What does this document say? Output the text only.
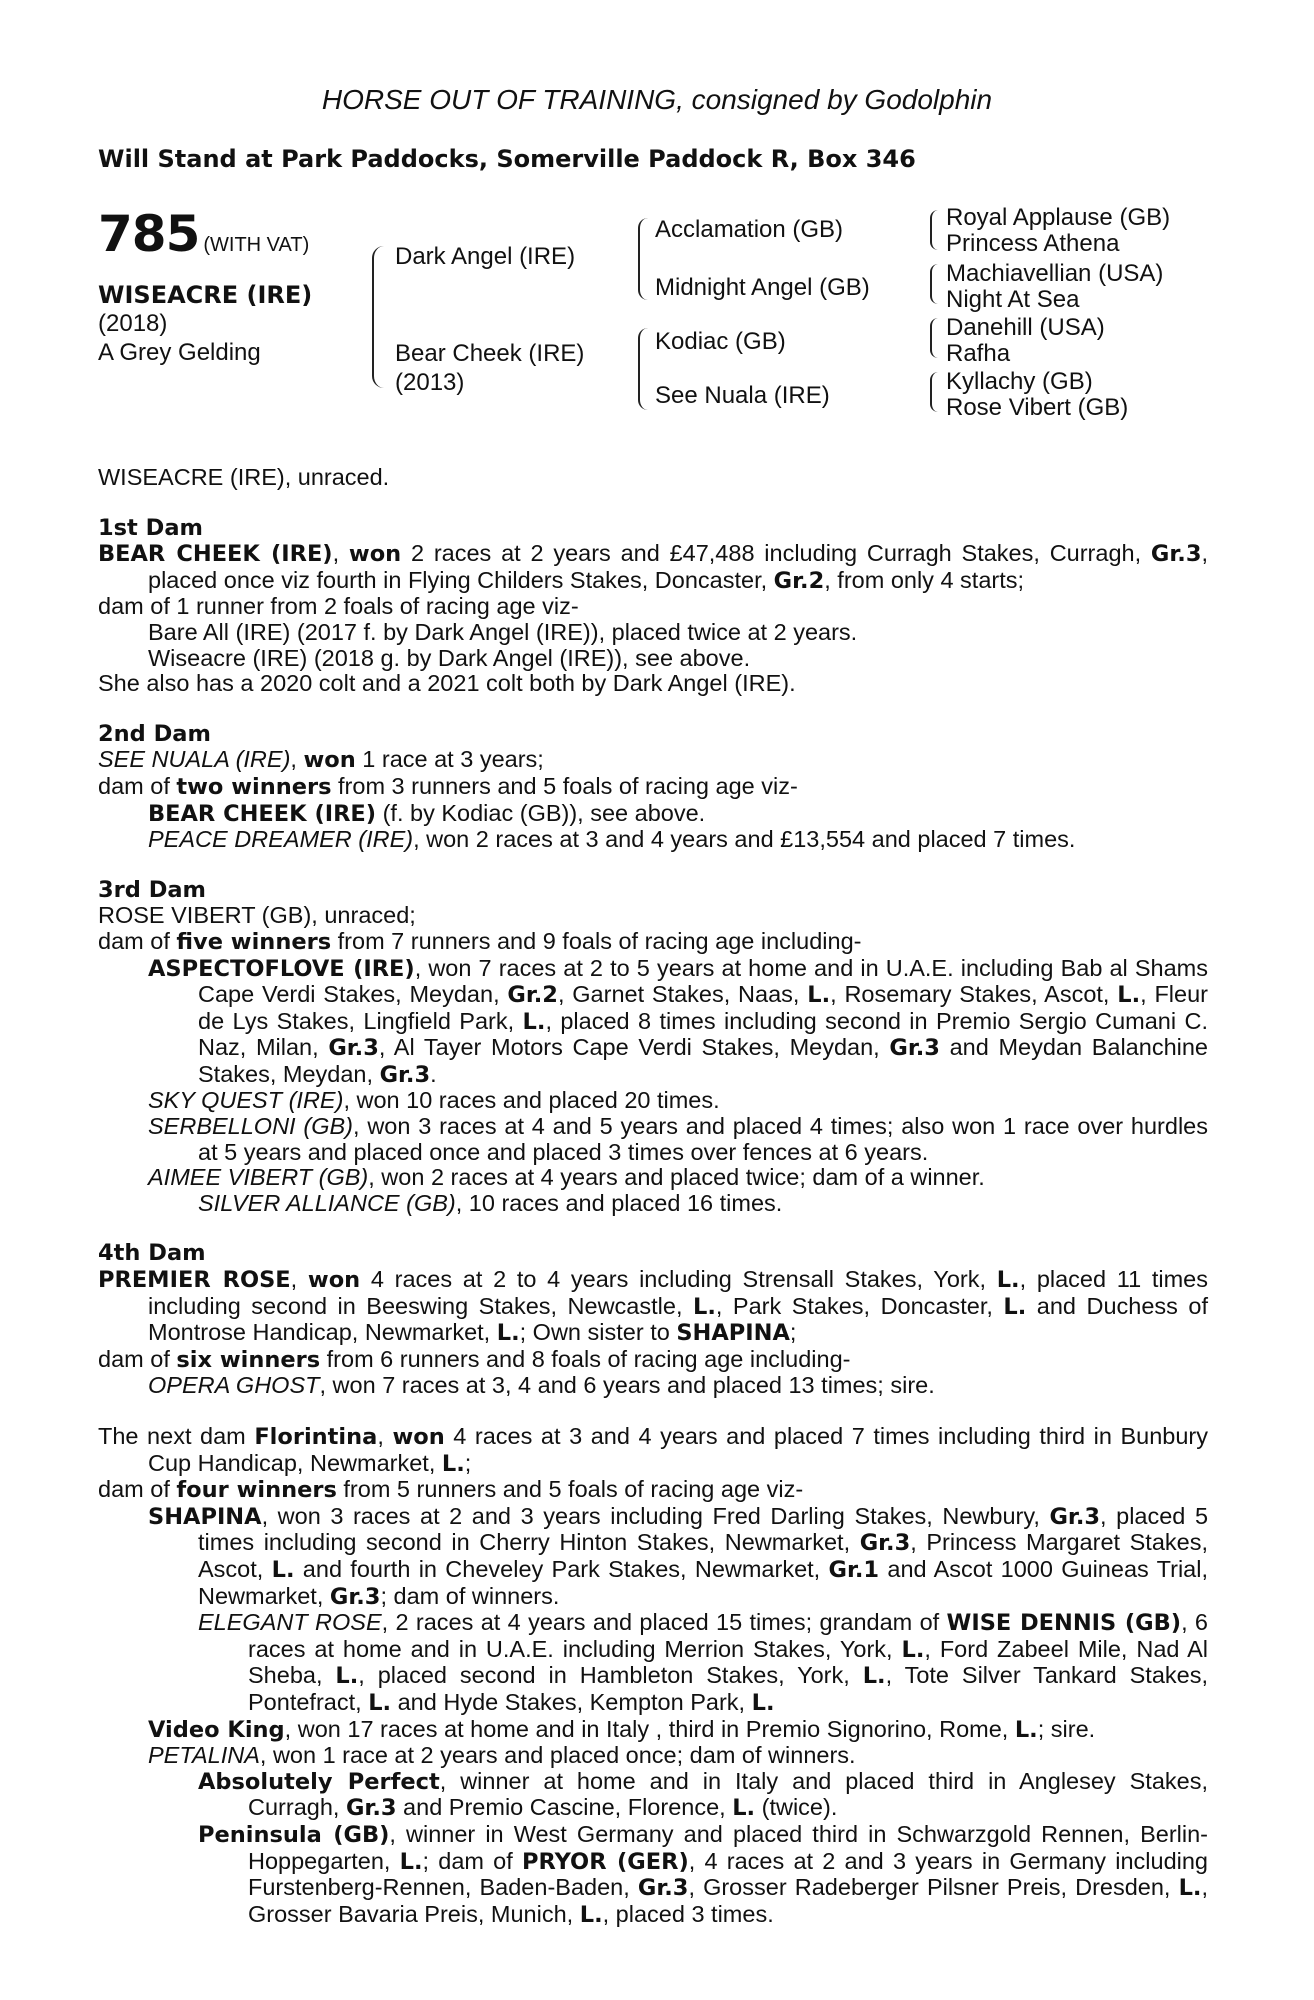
HORSE OUT OF TRAINING, consigned by Godolphin
Will Stand at Park Paddocks, Somerville Paddock R, Box 346
785 (WITH VAT)
WISEACRE (IRE)
(2018)
A Grey Gelding
Dark Angel (IRE)
Bear Cheek (IRE)
(2013)
Acclamation (GB)
Midnight Angel (GB)
Kodiac (GB)
See Nuala (IRE)
Royal Applause (GB)
Princess Athena
Machiavellian (USA)
Night At Sea
Danehill (USA)
Rafha
Kyllachy (GB)
Rose Vibert (GB)

WISEACRE (IRE), unraced.

1st Dam

BEAR CHEEK (IRE), won 2 races at 2 years and £47,488 including Curragh Stakes, Curragh, Gr.3, placed once viz fourth in Flying Childers Stakes, Doncaster, Gr.2, from only 4 starts;

dam of 1 runner from 2 foals of racing age viz-

Bare All (IRE) (2017 f. by Dark Angel (IRE)), placed twice at 2 years.

Wiseacre (IRE) (2018 g. by Dark Angel (IRE)), see above.

She also has a 2020 colt and a 2021 colt both by Dark Angel (IRE).

2nd Dam

SEE NUALA (IRE), won 1 race at 3 years;

dam of two winners from 3 runners and 5 foals of racing age viz-

BEAR CHEEK (IRE) (f. by Kodiac (GB)), see above.

PEACE DREAMER (IRE), won 2 races at 3 and 4 years and £13,554 and placed 7 times.

3rd Dam

ROSE VIBERT (GB), unraced;

dam of five winners from 7 runners and 9 foals of racing age including-

ASPECTOFLOVE (IRE), won 7 races at 2 to 5 years at home and in U.A.E. including Bab al Shams Cape Verdi Stakes, Meydan, Gr.2, Garnet Stakes, Naas, L., Rosemary Stakes, Ascot, L., Fleur de Lys Stakes, Lingfield Park, L., placed 8 times including second in Premio Sergio Cumani C. Naz, Milan, Gr.3, Al Tayer Motors Cape Verdi Stakes, Meydan, Gr.3 and Meydan Balanchine Stakes, Meydan, Gr.3.

SKY QUEST (IRE), won 10 races and placed 20 times.

SERBELLONI (GB), won 3 races at 4 and 5 years and placed 4 times; also won 1 race over hurdles at 5 years and placed once and placed 3 times over fences at 6 years.

AIMEE VIBERT (GB), won 2 races at 4 years and placed twice; dam of a winner.

SILVER ALLIANCE (GB), 10 races and placed 16 times.

4th Dam

PREMIER ROSE, won 4 races at 2 to 4 years including Strensall Stakes, York, L., placed 11 times including second in Beeswing Stakes, Newcastle, L., Park Stakes, Doncaster, L. and Duchess of Montrose Handicap, Newmarket, L.; Own sister to SHAPINA;

dam of six winners from 6 runners and 8 foals of racing age including-

OPERA GHOST, won 7 races at 3, 4 and 6 years and placed 13 times; sire.

The next dam Florintina, won 4 races at 3 and 4 years and placed 7 times including third in Bunbury Cup Handicap, Newmarket, L.;

dam of four winners from 5 runners and 5 foals of racing age viz-

SHAPINA, won 3 races at 2 and 3 years including Fred Darling Stakes, Newbury, Gr.3, placed 5 times including second in Cherry Hinton Stakes, Newmarket, Gr.3, Princess Margaret Stakes, Ascot, L. and fourth in Cheveley Park Stakes, Newmarket, Gr.1 and Ascot 1000 Guineas Trial, Newmarket, Gr.3; dam of winners.

ELEGANT ROSE, 2 races at 4 years and placed 15 times; grandam of WISE DENNIS (GB), 6 races at home and in U.A.E. including Merrion Stakes, York, L., Ford Zabeel Mile, Nad Al Sheba, L., placed second in Hambleton Stakes, York, L., Tote Silver Tankard Stakes, Pontefract, L. and Hyde Stakes, Kempton Park, L.

Video King, won 17 races at home and in Italy , third in Premio Signorino, Rome, L.; sire.

PETALINA, won 1 race at 2 years and placed once; dam of winners.

Absolutely Perfect, winner at home and in Italy and placed third in Anglesey Stakes, Curragh, Gr.3 and Premio Cascine, Florence, L. (twice).

Peninsula (GB), winner in West Germany and placed third in Schwarzgold Rennen, Berlin-Hoppegarten, L.; dam of PRYOR (GER), 4 races at 2 and 3 years in Germany including Furstenberg-Rennen, Baden-Baden, Gr.3, Grosser Radeberger Pilsner Preis, Dresden, L., Grosser Bavaria Preis, Munich, L., placed 3 times.
